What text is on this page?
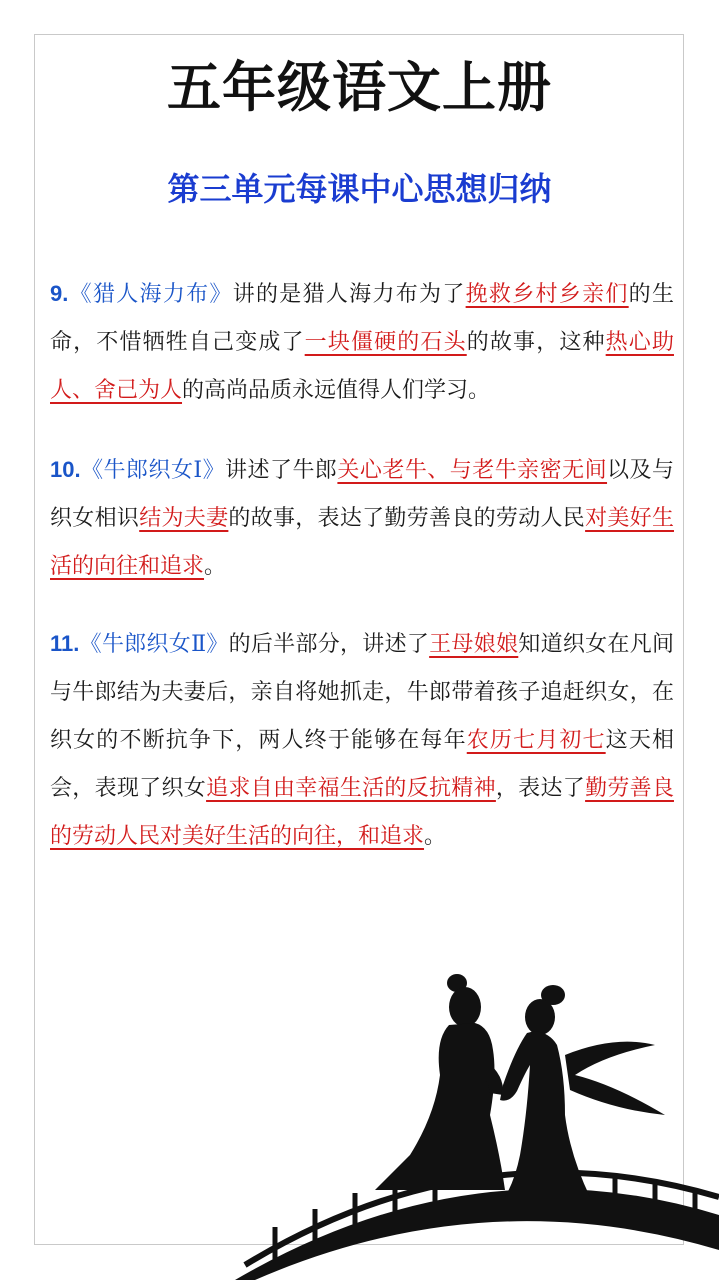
五年级语文上册
第三单元每课中心思想归纳

9.《猎人海力布》讲的是猎人海力布为了挽救乡村乡亲们的生命，不惜牺牲自己变成了一块僵硬的石头的故事，这种热心助人、舍己为人的高尚品质永远值得人们学习。

10.《牛郎织女Ⅰ》讲述了牛郎关心老牛、与老牛亲密无间以及与织女相识结为夫妻的故事，表达了勤劳善良的劳动人民对美好生活的向往和追求。

11.《牛郎织女Ⅱ》的后半部分，讲述了王母娘娘知道织女在凡间与牛郎结为夫妻后，亲自将她抓走，牛郎带着孩子追赶织女，在织女的不断抗争下，两人终于能够在每年农历七月初七这天相会，表现了织女追求自由幸福生活的反抗精神，表达了勤劳善良的劳动人民对美好生活的向往，和追求。
